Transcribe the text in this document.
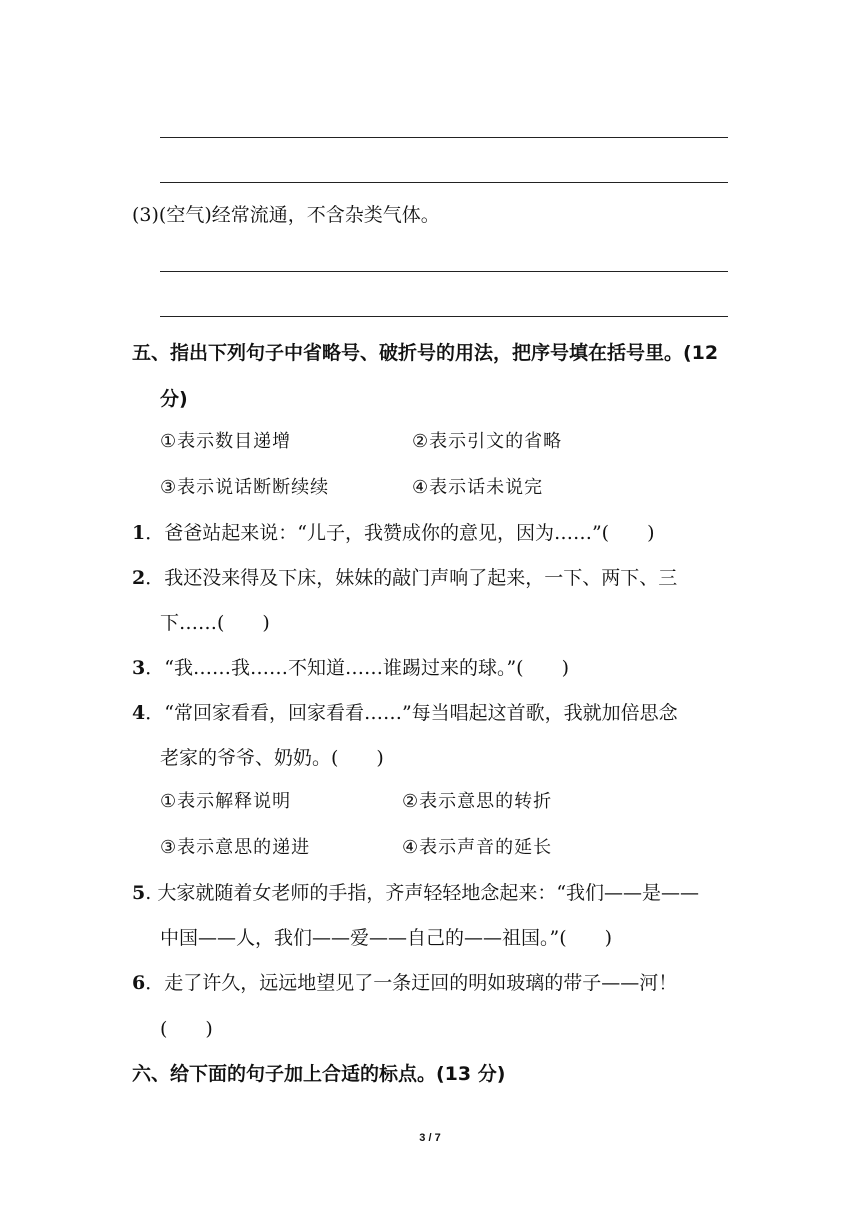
(3)(空气)经常流通，不含杂类气体。
五、指出下列句子中省略号、破折号的用法，把序号填在括号里。(12
分)
①表示数目递增	②表示引文的省略
③表示说话断断续续	④表示话未说完
1．爸爸站起来说：“儿子，我赞成你的意见，因为……”(　　)
2．我还没来得及下床，妹妹的敲门声响了起来，一下、两下、三
下……(　　)
3．“我……我……不知道……谁踢过来的球。”(　　)
4．“常回家看看，回家看看……”每当唱起这首歌，我就加倍思念
老家的爷爷、奶奶。(　　)
①表示解释说明	②表示意思的转折
③表示意思的递进	④表示声音的延长
5. 大家就随着女老师的手指，齐声轻轻地念起来：“我们——是——
中国——人，我们——爱——自己的——祖国。”(　　)
6．走了许久，远远地望见了一条迂回的明如玻璃的带子——河！
(　　)
六、给下面的句子加上合适的标点。(13 分)
3 / 7
